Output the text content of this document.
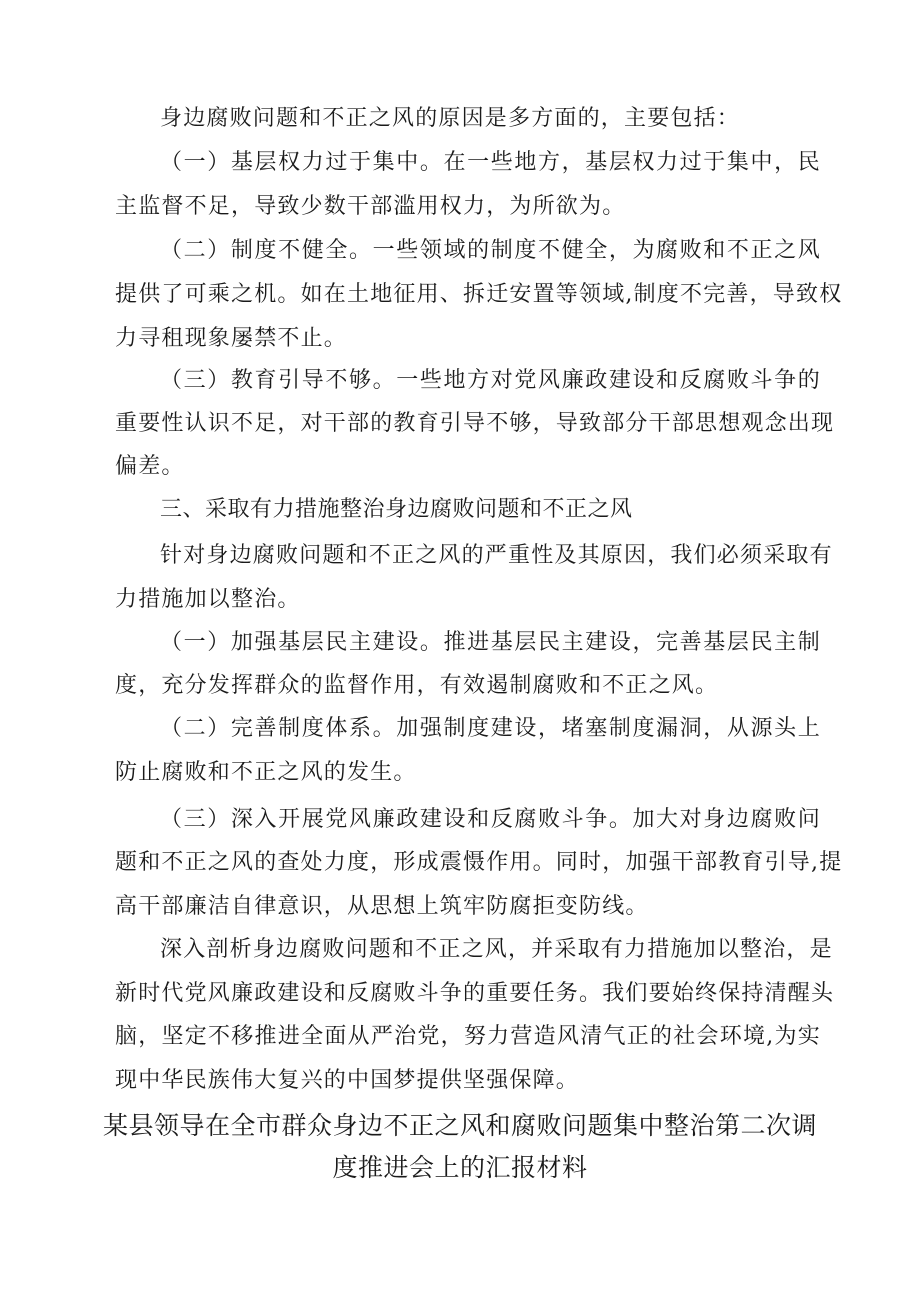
身边腐败问题和不正之风的原因是多方面的，主要包括：

（一）基层权力过于集中。在一些地方，基层权力过于集中，民

主监督不足，导致少数干部滥用权力，为所欲为。

（二）制度不健全。一些领域的制度不健全，为腐败和不正之风

提供了可乘之机。如在土地征用、拆迁安置等领域,制度不完善，导致权

力寻租现象屡禁不止。

（三）教育引导不够。一些地方对党风廉政建设和反腐败斗争的

重要性认识不足，对干部的教育引导不够，导致部分干部思想观念出现

偏差。

三、采取有力措施整治身边腐败问题和不正之风

针对身边腐败问题和不正之风的严重性及其原因，我们必须采取有

力措施加以整治。

（一）加强基层民主建设。推进基层民主建设，完善基层民主制

度，充分发挥群众的监督作用，有效遏制腐败和不正之风。

（二）完善制度体系。加强制度建设，堵塞制度漏洞，从源头上

防止腐败和不正之风的发生。

（三）深入开展党风廉政建设和反腐败斗争。加大对身边腐败问

题和不正之风的查处力度，形成震慑作用。同时，加强干部教育引导,提

高干部廉洁自律意识，从思想上筑牢防腐拒变防线。

深入剖析身边腐败问题和不正之风，并采取有力措施加以整治，是

新时代党风廉政建设和反腐败斗争的重要任务。我们要始终保持清醒头

脑，坚定不移推进全面从严治党，努力营造风清气正的社会环境,为实

现中华民族伟大复兴的中国梦提供坚强保障。

某县领导在全市群众身边不正之风和腐败问题集中整治第二次调
度推进会上的汇报材料
